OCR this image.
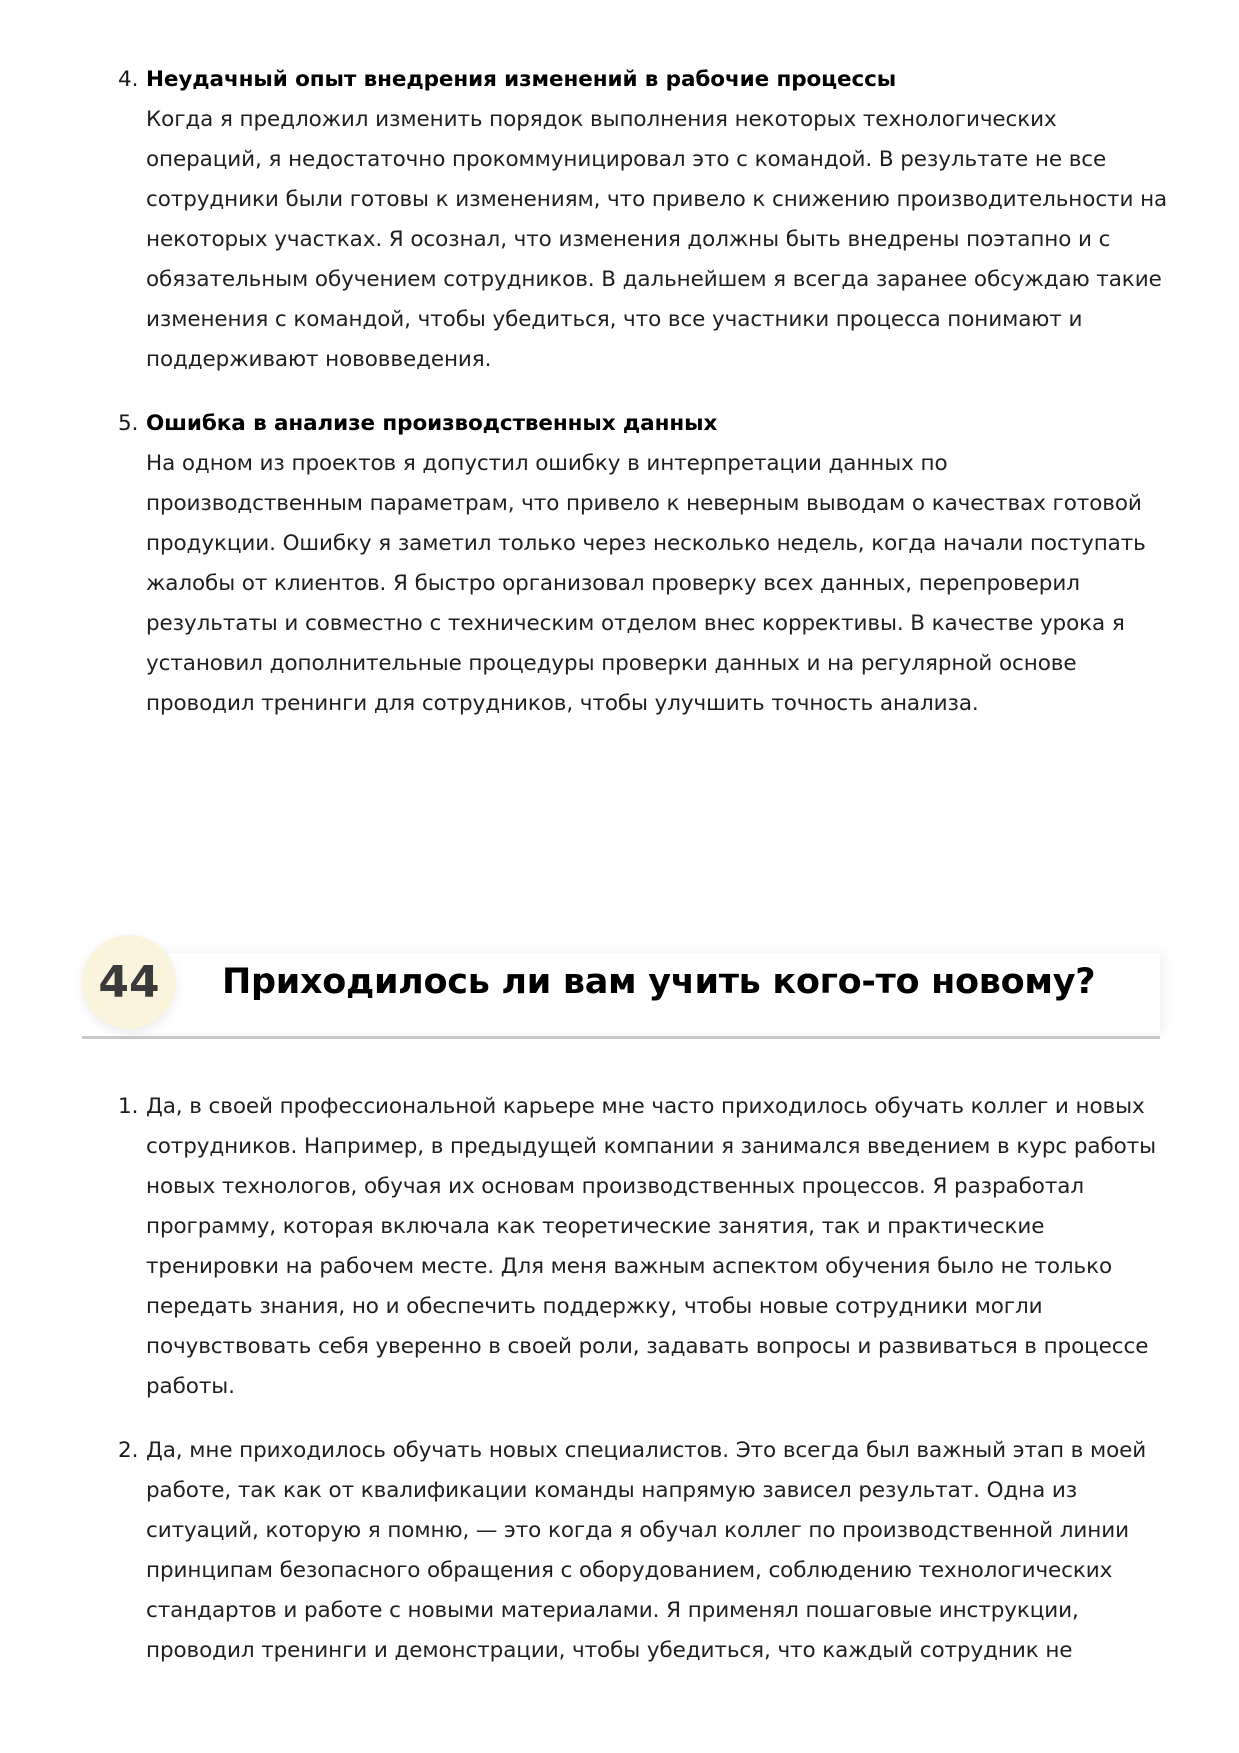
4. Неудачный опыт внедрения изменений в рабочие процессы
Когда я предложил изменить порядок выполнения некоторых технологических операций, я недостаточно прокоммуницировал это с командой. В результате не все сотрудники были готовы к изменениям, что привело к снижению производительности на некоторых участках. Я осознал, что изменения должны быть внедрены поэтапно и с обязательным обучением сотрудников. В дальнейшем я всегда заранее обсуждаю такие изменения с командой, чтобы убедиться, что все участники процесса понимают и поддерживают нововведения.
5. Ошибка в анализе производственных данных
На одном из проектов я допустил ошибку в интерпретации данных по производственным параметрам, что привело к неверным выводам о качествах готовой продукции. Ошибку я заметил только через несколько недель, когда начали поступать жалобы от клиентов. Я быстро организовал проверку всех данных, перепроверил результаты и совместно с техническим отделом внес коррективы. В качестве урока я установил дополнительные процедуры проверки данных и на регулярной основе проводил тренинги для сотрудников, чтобы улучшить точность анализа.
44	Приходилось ли вам учить кого-то новому?
1. Да, в своей профессиональной карьере мне часто приходилось обучать коллег и новых сотрудников. Например, в предыдущей компании я занимался введением в курс работы новых технологов, обучая их основам производственных процессов. Я разработал программу, которая включала как теоретические занятия, так и практические тренировки на рабочем месте. Для меня важным аспектом обучения было не только передать знания, но и обеспечить поддержку, чтобы новые сотрудники могли почувствовать себя уверенно в своей роли, задавать вопросы и развиваться в процессе работы.
2. Да, мне приходилось обучать новых специалистов. Это всегда был важный этап в моей работе, так как от квалификации команды напрямую зависел результат. Одна из ситуаций, которую я помню, — это когда я обучал коллег по производственной линии принципам безопасного обращения с оборудованием, соблюдению технологических стандартов и работе с новыми материалами. Я применял пошаговые инструкции, проводил тренинги и демонстрации, чтобы убедиться, что каждый сотрудник не
